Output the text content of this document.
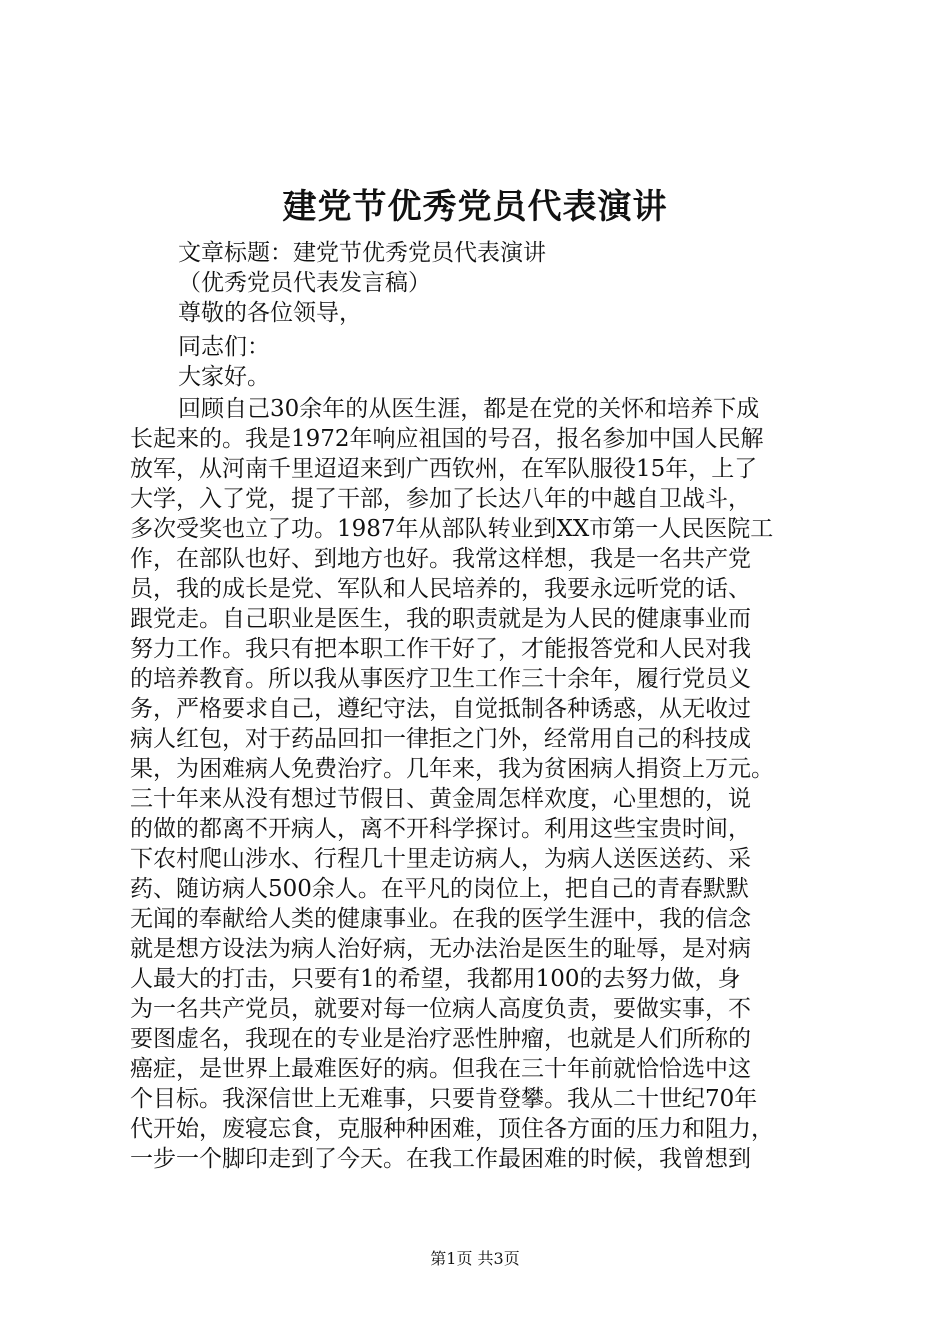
建党节优秀党员代表演讲
文章标题：建党节优秀党员代表演讲
（优秀党员代表发言稿）
尊敬的各位领导，
同志们：
大家好。
回顾自己30余年的从医生涯，都是在党的关怀和培养下成
长起来的。我是1972年响应祖国的号召，报名参加中国人民解
放军，从河南千里迢迢来到广西钦州，在军队服役15年，上了
大学，入了党，提了干部，参加了长达八年的中越自卫战斗，
多次受奖也立了功。1987年从部队转业到XX市第一人民医院工
作，在部队也好、到地方也好。我常这样想，我是一名共产党
员，我的成长是党、军队和人民培养的，我要永远听党的话、
跟党走。自己职业是医生，我的职责就是为人民的健康事业而
努力工作。我只有把本职工作干好了，才能报答党和人民对我
的培养教育。所以我从事医疗卫生工作三十余年，履行党员义
务，严格要求自己，遵纪守法，自觉抵制各种诱惑，从无收过
病人红包，对于药品回扣一律拒之门外，经常用自己的科技成
果，为困难病人免费治疗。几年来，我为贫困病人捐资上万元。
三十年来从没有想过节假日、黄金周怎样欢度，心里想的，说
的做的都离不开病人，离不开科学探讨。利用这些宝贵时间，
下农村爬山涉水、行程几十里走访病人，为病人送医送药、采
药、随访病人500余人。在平凡的岗位上，把自己的青春默默
无闻的奉献给人类的健康事业。在我的医学生涯中，我的信念
就是想方设法为病人治好病，无办法治是医生的耻辱，是对病
人最大的打击，只要有1的希望，我都用100的去努力做，身
为一名共产党员，就要对每一位病人高度负责，要做实事，不
要图虚名，我现在的专业是治疗恶性肿瘤，也就是人们所称的
癌症，是世界上最难医好的病。但我在三十年前就恰恰选中这
个目标。我深信世上无难事，只要肯登攀。我从二十世纪70年
代开始，废寝忘食，克服种种困难，顶住各方面的压力和阻力，
一步一个脚印走到了今天。在我工作最困难的时候，我曾想到
第1页 共3页
